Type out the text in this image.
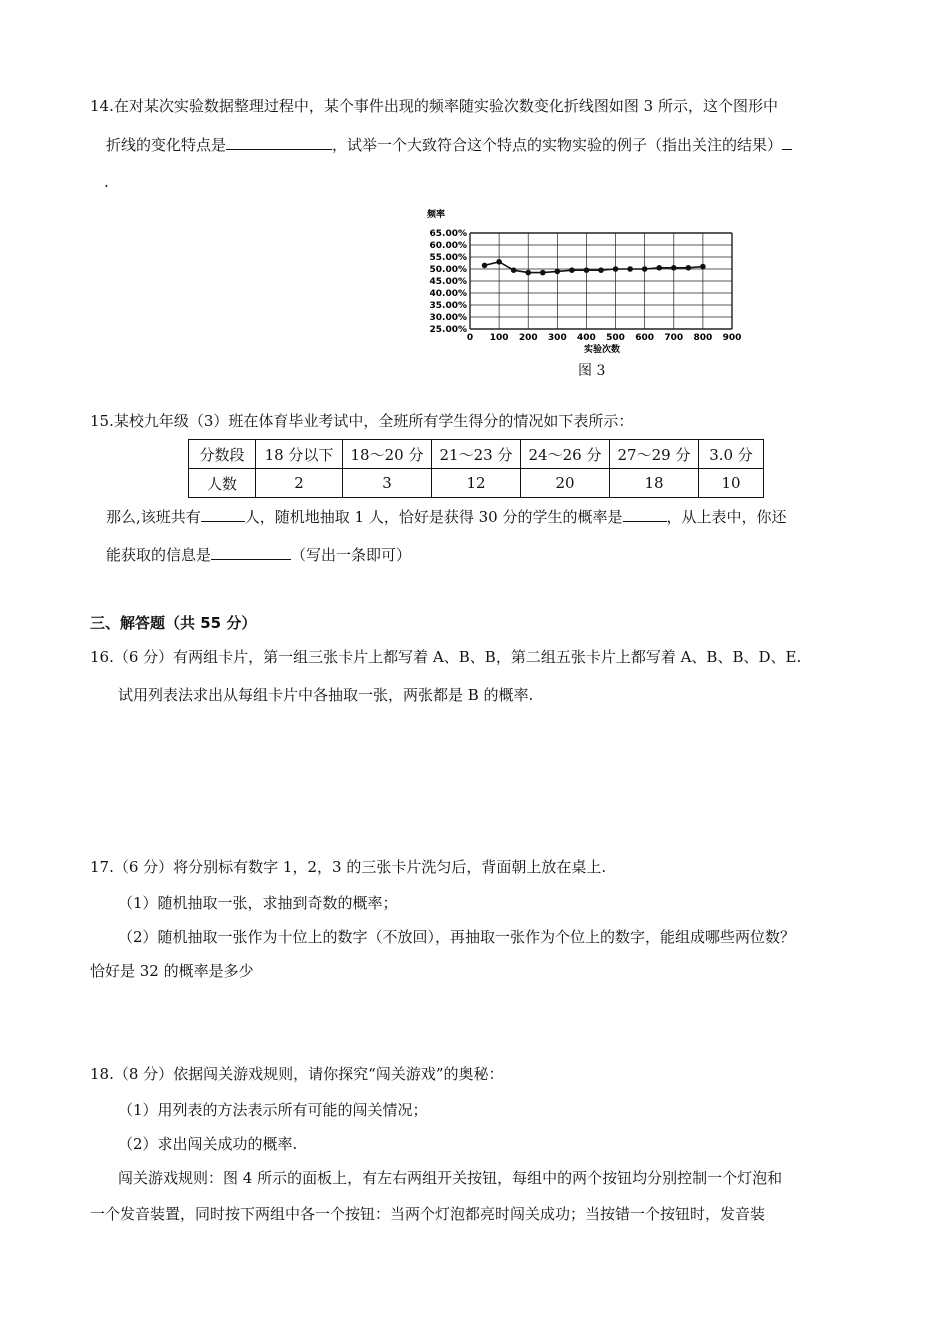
14.在对某次实验数据整理过程中，某个事件出现的频率随实验次数变化折线图如图 3 所示，这个图形中
折线的变化特点是	，试举一个大致符合这个特点的实物实验的例子（指出关注的结果）
.
频率
65.00%
60.00%
55.00%
50.00%
45.00%
40.00%
35.00%
30.00%
25.00%
0 100 200 300 400 500 600 700 800 900
实验次数
图 3
15.某校九年级（3）班在体育毕业考试中，全班所有学生得分的情况如下表所示：
分数段	18 分以下	18～20 分	21～23 分	24～26 分	27～29 分	3.0 分
人数	2	3	12	20	18	10
那么,该班共有	人，随机地抽取 1 人，恰好是获得 30 分的学生的概率是	，从上表中，你还
能获取的信息是	（写出一条即可）
三、解答题（共 55 分）
16.（6 分）有两组卡片，第一组三张卡片上都写着 A、B、B，第二组五张卡片上都写着 A、B、B、D、E.
试用列表法求出从每组卡片中各抽取一张，两张都是 B 的概率.
17.（6 分）将分别标有数字 1，2，3 的三张卡片洗匀后，背面朝上放在桌上.
（1）随机抽取一张，求抽到奇数的概率；
（2）随机抽取一张作为十位上的数字（不放回），再抽取一张作为个位上的数字，能组成哪些两位数？
恰好是 32 的概率是多少
18.（8 分）依据闯关游戏规则，请你探究“闯关游戏”的奥秘：
（1）用列表的方法表示所有可能的闯关情况；
（2）求出闯关成功的概率.
闯关游戏规则：图 4 所示的面板上，有左右两组开关按钮，每组中的两个按钮均分别控制一个灯泡和
一个发音装置，同时按下两组中各一个按钮：当两个灯泡都亮时闯关成功；当按错一个按钮时，发音装
